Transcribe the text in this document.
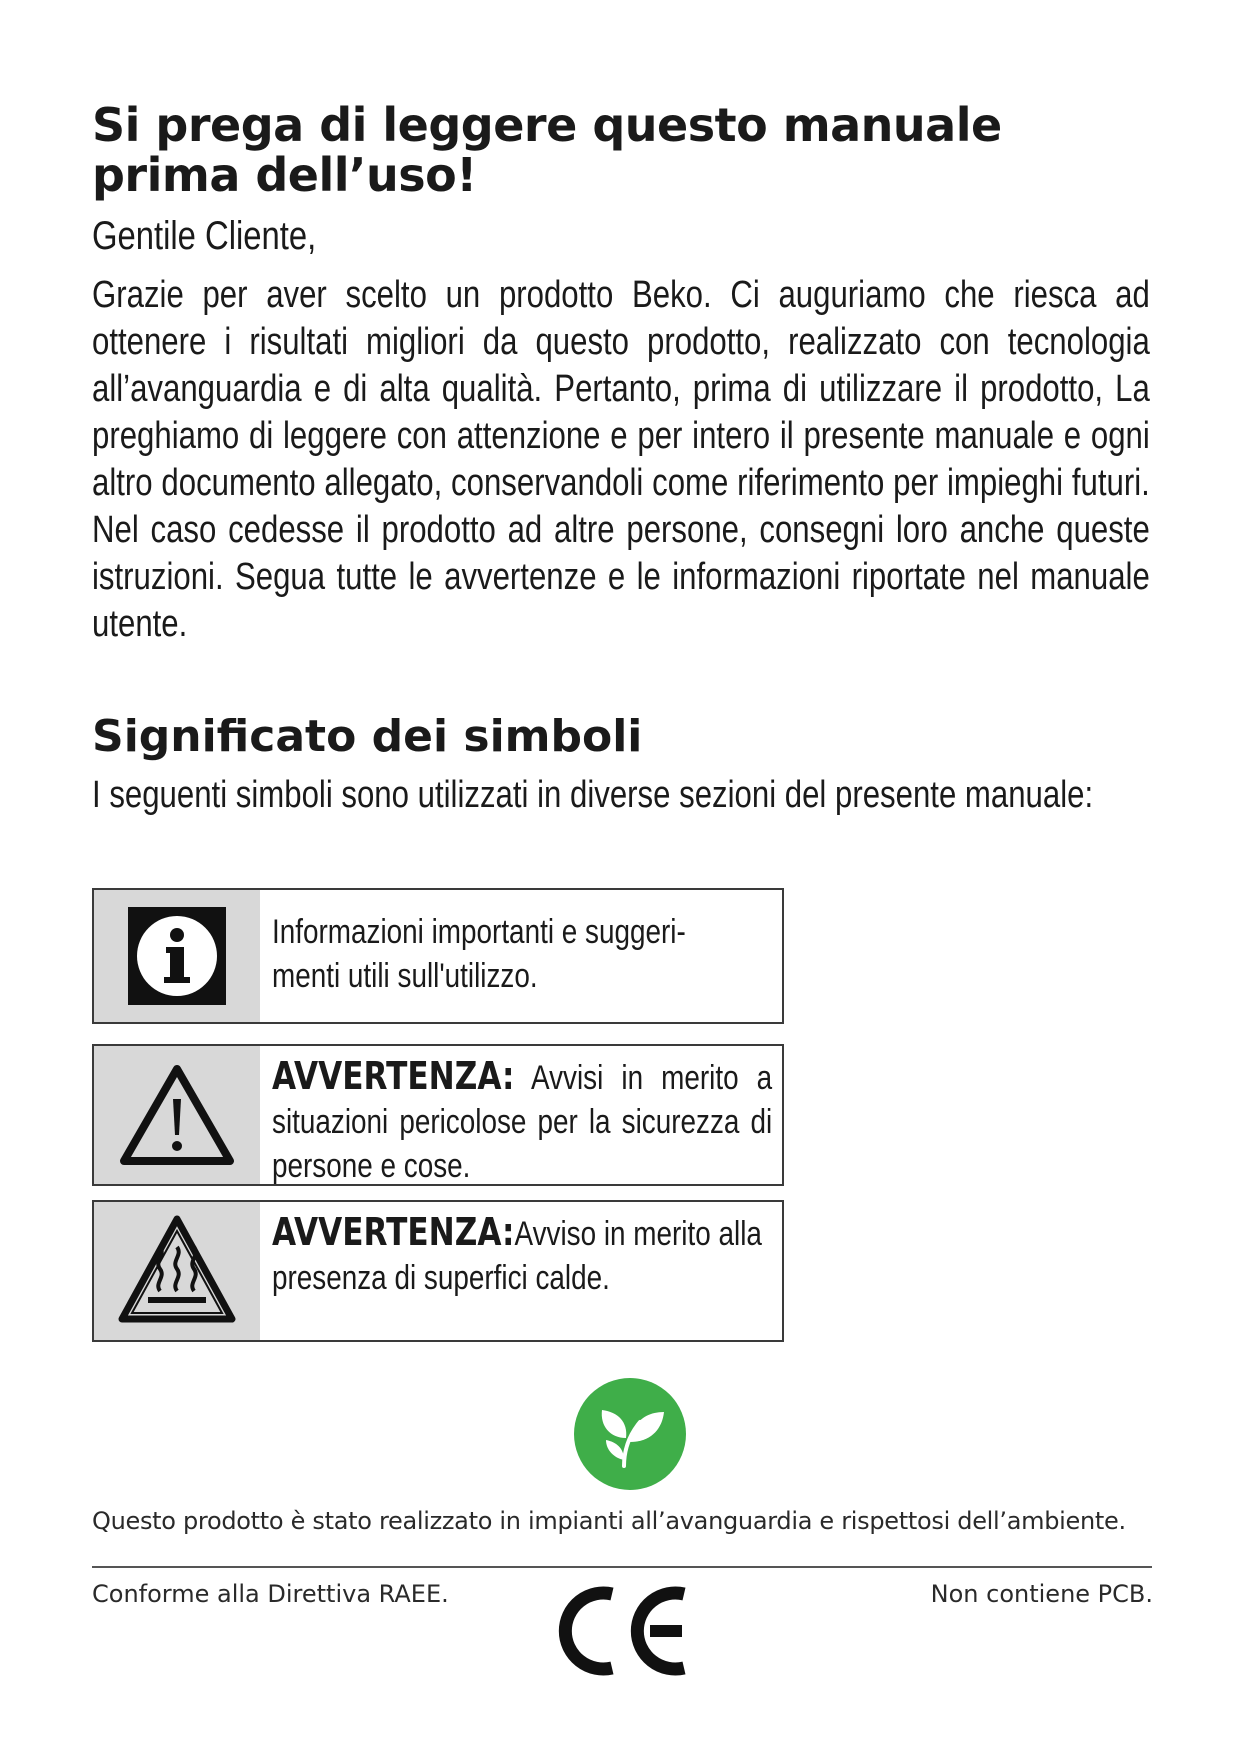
Si prega di leggere questo manuale prima dell’uso!

Gentile Cliente,

Grazie per aver scelto un prodotto Beko. Ci auguriamo che riesca ad ottenere i risultati migliori da questo prodotto, realizzato con tecnologia all’avanguardia e di alta qualità. Pertanto, prima di utilizzare il prodotto, La preghiamo di leggere con attenzione e per intero il presente manuale e ogni altro documento allegato, conservandoli come riferimento per impieghi futuri. Nel caso cedesse il prodotto ad altre persone, consegni loro anche queste istruzioni. Segua tutte le avvertenze e le informazioni riportate nel manuale utente.

Significato dei simboli

I seguenti simboli sono utilizzati in diverse sezioni del presente manuale:

Informazioni importanti e suggeri-menti utili sull'utilizzo.
AVVERTENZA: Avvisi in merito a situazioni pericolose per la sicurezza di persone e cose.
AVVERTENZA:Avviso in merito alla presenza di superfici calde.
Questo prodotto è stato realizzato in impianti all’avanguardia e rispettosi dell’ambiente.
Conforme alla Direttiva RAEE.	Non contiene PCB.
